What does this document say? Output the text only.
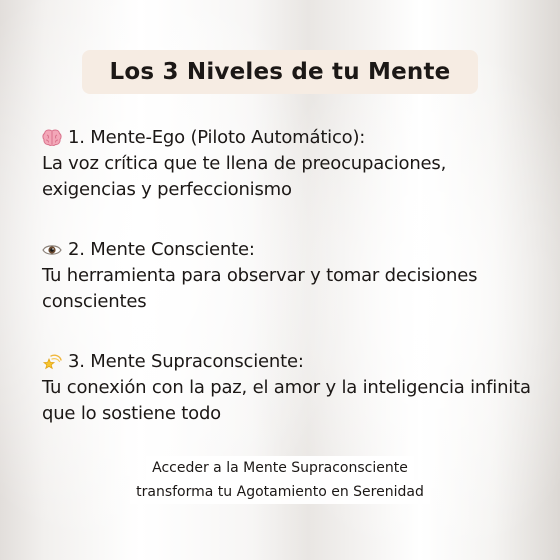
Los 3 Niveles de tu Mente
1. Mente-Ego (Piloto Automático):
La voz crítica que te llena de preocupaciones, exigencias y perfeccionismo
2. Mente Consciente:
Tu herramienta para observar y tomar decisiones conscientes
3. Mente Supraconsciente:
Tu conexión con la paz, el amor y la inteligencia infinita que lo sostiene todo
Acceder a la Mente Supraconsciente
transforma tu Agotamiento en Serenidad
